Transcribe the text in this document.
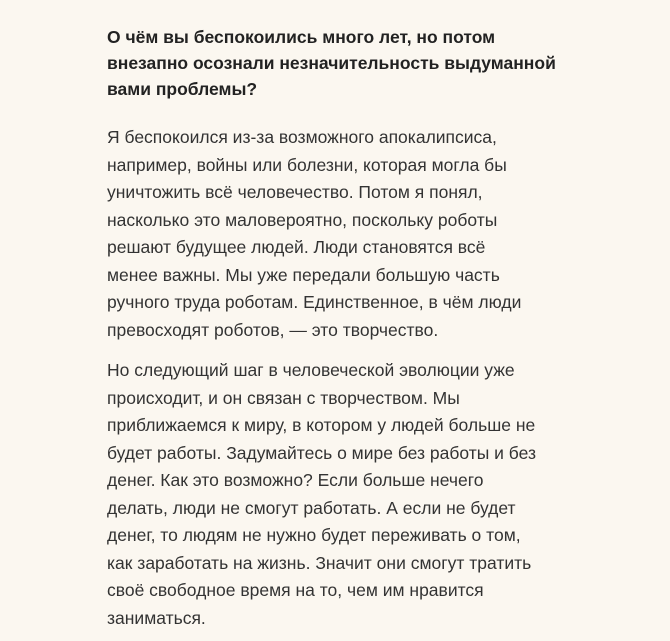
О чём вы беспокоились много лет, но потом
внезапно осознали незначительность выдуманной
вами проблемы?

Я беспокоился из-за возможного апокалипсиса,
например, войны или болезни, которая могла бы
уничтожить всё человечество. Потом я понял,
насколько это маловероятно, поскольку роботы
решают будущее людей. Люди становятся всё
менее важны. Мы уже передали большую часть
ручного труда роботам. Единственное, в чём люди
превосходят роботов, — это творчество.

Но следующий шаг в человеческой эволюции уже
происходит, и он связан с творчеством. Мы
приближаемся к миру, в котором у людей больше не
будет работы. Задумайтесь о мире без работы и без
денег. Как это возможно? Если больше нечего
делать, люди не смогут работать. А если не будет
денег, то людям не нужно будет переживать о том,
как заработать на жизнь. Значит они смогут тратить
своё свободное время на то, чем им нравится
заниматься.
